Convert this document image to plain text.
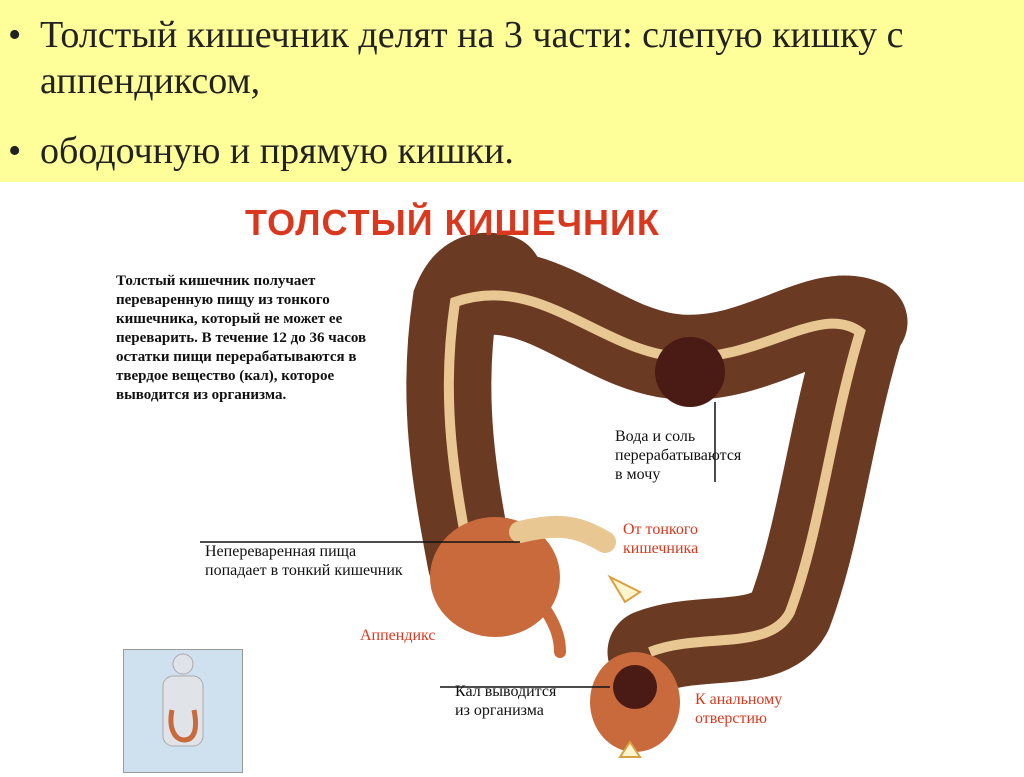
• Толстый кишечник делят на 3 части: слепую кишку с аппендиксом,
• ободочную и прямую кишки.
ТОЛСТЫЙ КИШЕЧНИК
Толстый кишечник получает переваренную пищу из тонкого кишечника, который не может ее переварить. В течение 12 до 36 часов остатки пищи перерабатываются в твердое вещество (кал), которое выводится из организма.
Вода и соль перерабатываются в мочу
От тонкого кишечника
Непереваренная пища попадает в тонкий кишечник
Аппендикс
Кал выводится из организма
К анальному отверстию
